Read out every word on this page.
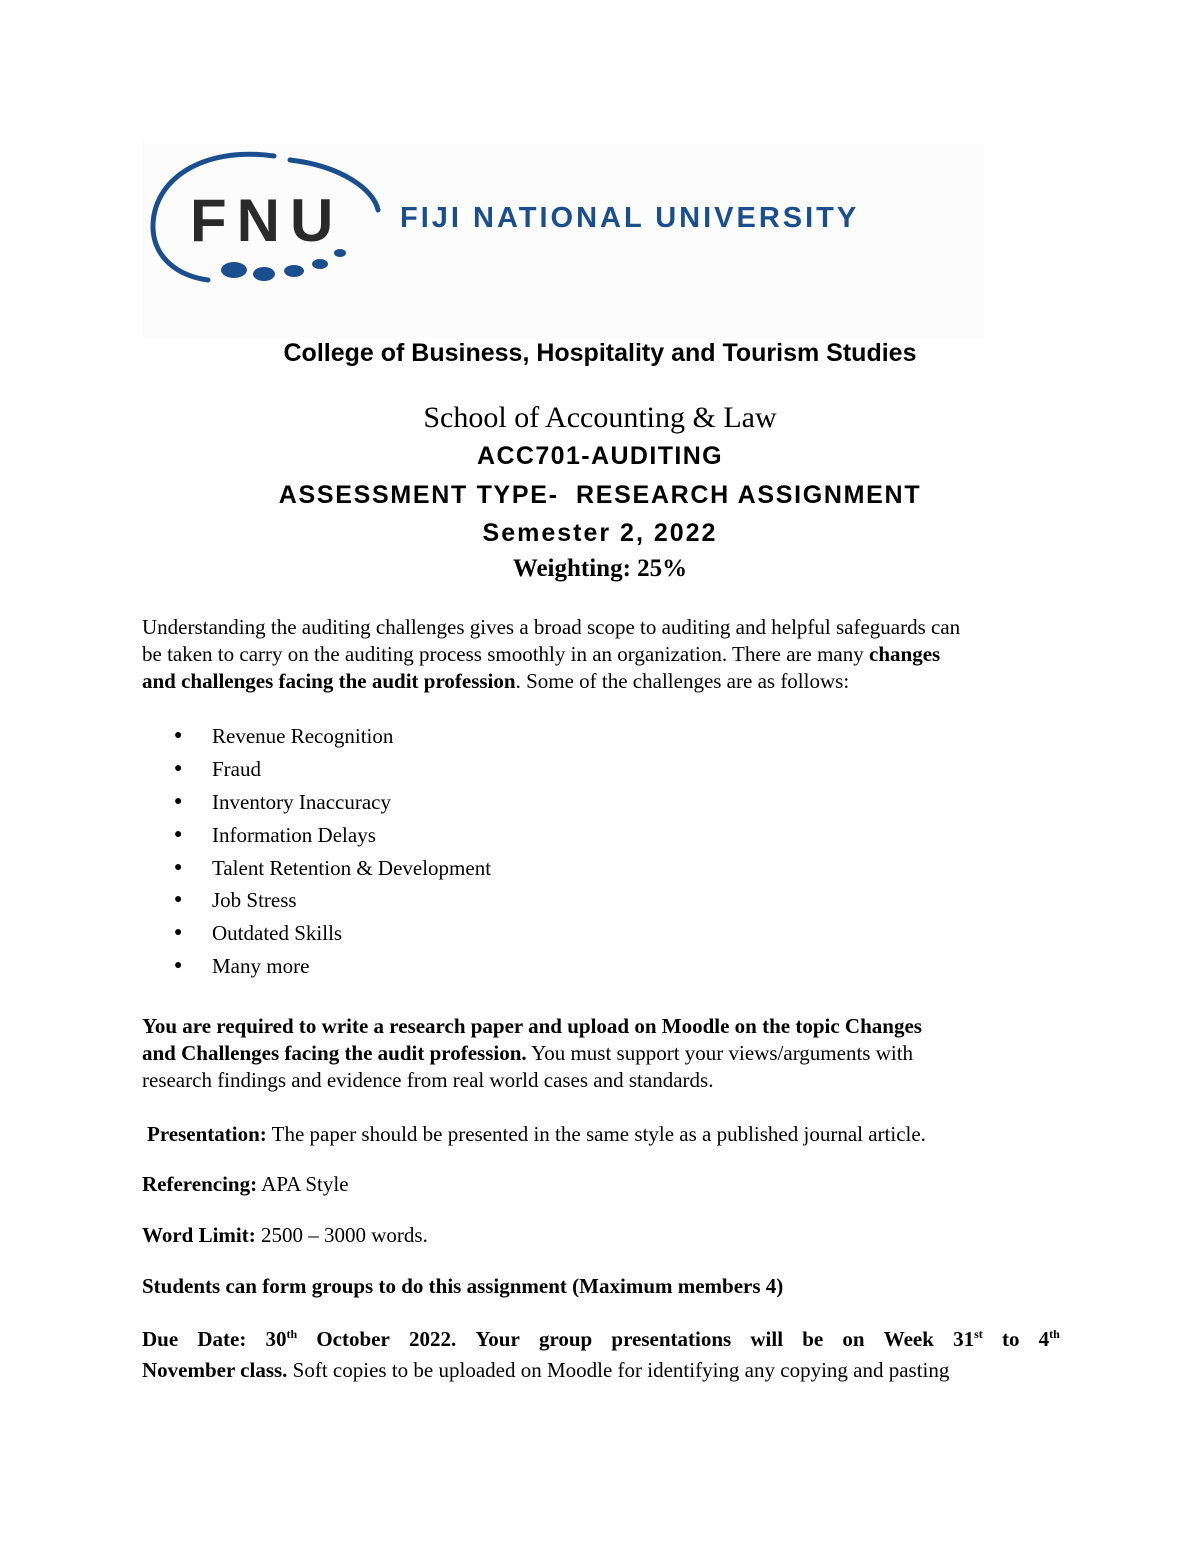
FNU FIJI NATIONAL UNIVERSITY
College of Business, Hospitality and Tourism Studies
School of Accounting & Law
ACC701-AUDITING
ASSESSMENT TYPE-  RESEARCH ASSIGNMENT
Semester 2, 2022
Weighting: 25%
Understanding the auditing challenges gives a broad scope to auditing and helpful safeguards can
be taken to carry on the auditing process smoothly in an organization. There are many changes
and challenges facing the audit profession. Some of the challenges are as follows:
● Revenue Recognition
● Fraud
● Inventory Inaccuracy
● Information Delays
● Talent Retention & Development
● Job Stress
● Outdated Skills
● Many more
You are required to write a research paper and upload on Moodle on the topic Changes
and Challenges facing the audit profession. You must support your views/arguments with
research findings and evidence from real world cases and standards.
Presentation: The paper should be presented in the same style as a published journal article.
Referencing: APA Style
Word Limit: 2500 – 3000 words.
Students can form groups to do this assignment (Maximum members 4)
Due Date: 30th October 2022. Your group presentations will be on Week 31st to 4th
November class. Soft copies to be uploaded on Moodle for identifying any copying and pasting
